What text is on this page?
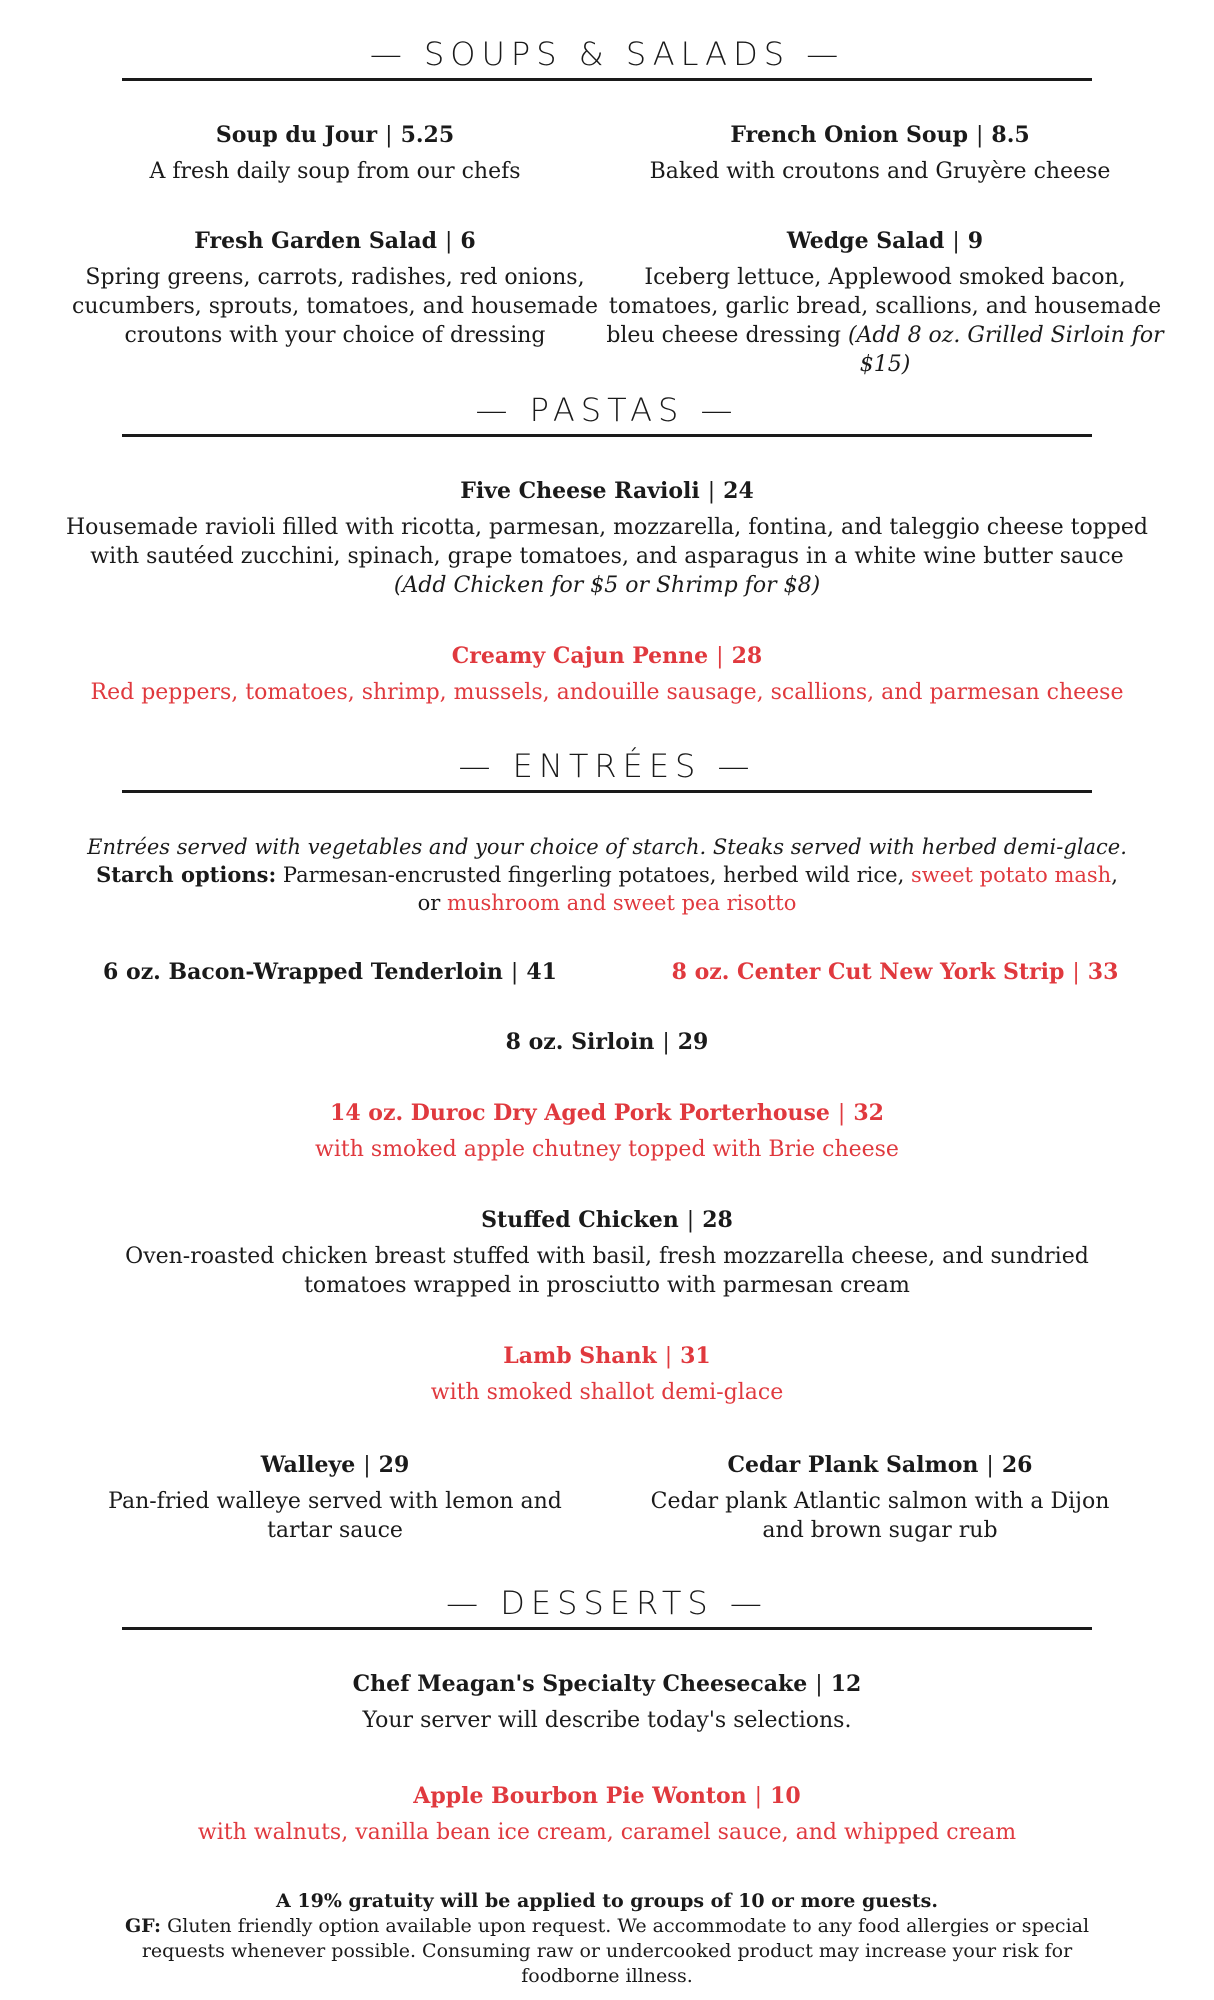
— SOUPS & SALADS —
Soup du Jour | 5.25
A fresh daily soup from our chefs
French Onion Soup | 8.5
Baked with croutons and Gruyère cheese
Fresh Garden Salad | 6
Spring greens, carrots, radishes, red onions, cucumbers, sprouts, tomatoes, and housemade croutons with your choice of dressing
Wedge Salad | 9
Iceberg lettuce, Applewood smoked bacon, tomatoes, garlic bread, scallions, and housemade bleu cheese dressing (Add 8 oz. Grilled Sirloin for $15)
— PASTAS —
Five Cheese Ravioli | 24
Housemade ravioli filled with ricotta, parmesan, mozzarella, fontina, and taleggio cheese topped with sautéed zucchini, spinach, grape tomatoes, and asparagus in a white wine butter sauce
(Add Chicken for $5 or Shrimp for $8)
Creamy Cajun Penne | 28
Red peppers, tomatoes, shrimp, mussels, andouille sausage, scallions, and parmesan cheese
— ENTRÉES —
Entrées served with vegetables and your choice of starch. Steaks served with herbed demi-glace.
Starch options: Parmesan-encrusted fingerling potatoes, herbed wild rice, sweet potato mash,
or mushroom and sweet pea risotto
6 oz. Bacon-Wrapped Tenderloin | 41	8 oz. Center Cut New York Strip | 33
8 oz. Sirloin | 29
14 oz. Duroc Dry Aged Pork Porterhouse | 32
with smoked apple chutney topped with Brie cheese
Stuffed Chicken | 28
Oven-roasted chicken breast stuffed with basil, fresh mozzarella cheese, and sundried tomatoes wrapped in prosciutto with parmesan cream
Lamb Shank | 31
with smoked shallot demi-glace
Walleye | 29
Pan-fried walleye served with lemon and tartar sauce
Cedar Plank Salmon | 26
Cedar plank Atlantic salmon with a Dijon and brown sugar rub
— DESSERTS —
Chef Meagan's Specialty Cheesecake | 12
Your server will describe today's selections.
Apple Bourbon Pie Wonton | 10
with walnuts, vanilla bean ice cream, caramel sauce, and whipped cream
A 19% gratuity will be applied to groups of 10 or more guests.
GF: Gluten friendly option available upon request. We accommodate to any food allergies or special requests whenever possible. Consuming raw or undercooked product may increase your risk for foodborne illness.
